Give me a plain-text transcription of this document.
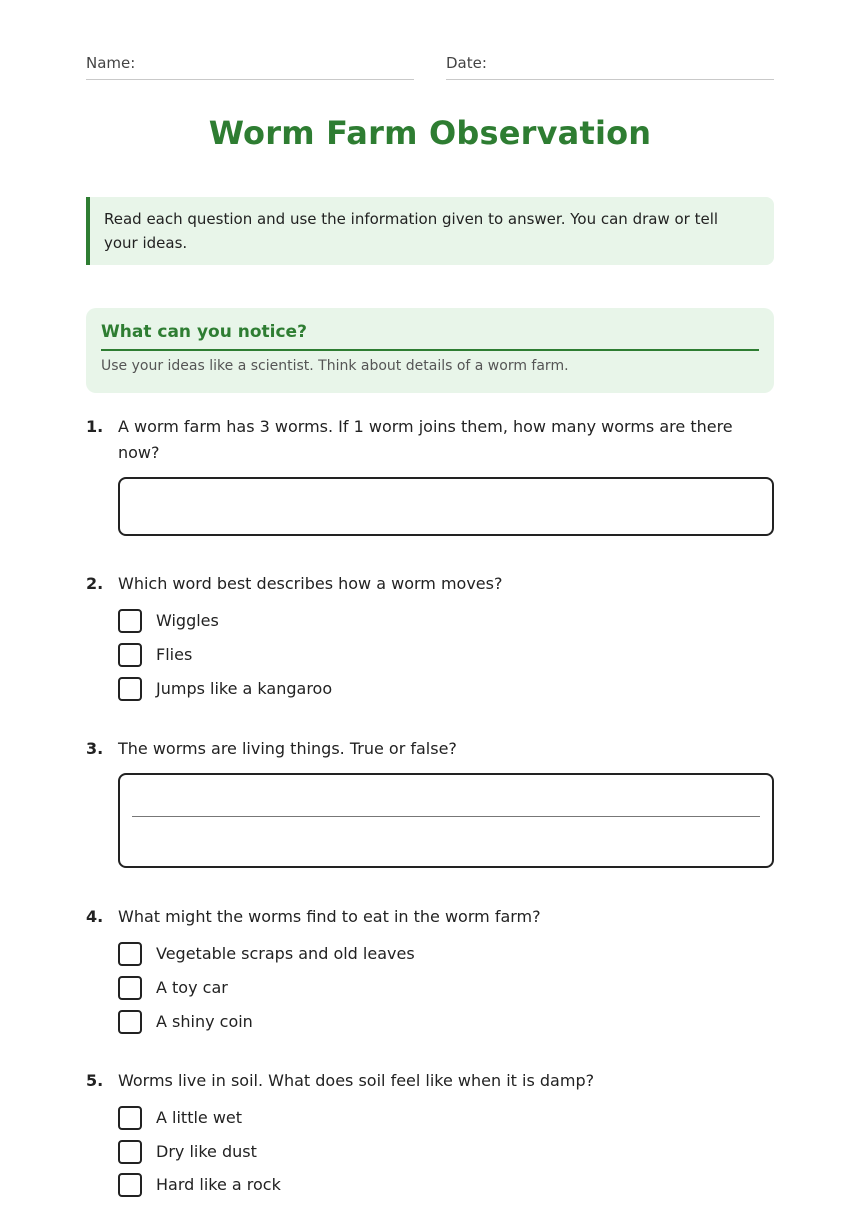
Name:	Date:
Worm Farm Observation
Read each question and use the information given to answer. You can draw or tell your ideas.
What can you notice?
Use your ideas like a scientist. Think about details of a worm farm.
1. A worm farm has 3 worms. If 1 worm joins them, how many worms are there now?
2. Which word best describes how a worm moves?
Wiggles
Flies
Jumps like a kangaroo
3. The worms are living things. True or false?
4. What might the worms find to eat in the worm farm?
Vegetable scraps and old leaves
A toy car
A shiny coin
5. Worms live in soil. What does soil feel like when it is damp?
A little wet
Dry like dust
Hard like a rock
